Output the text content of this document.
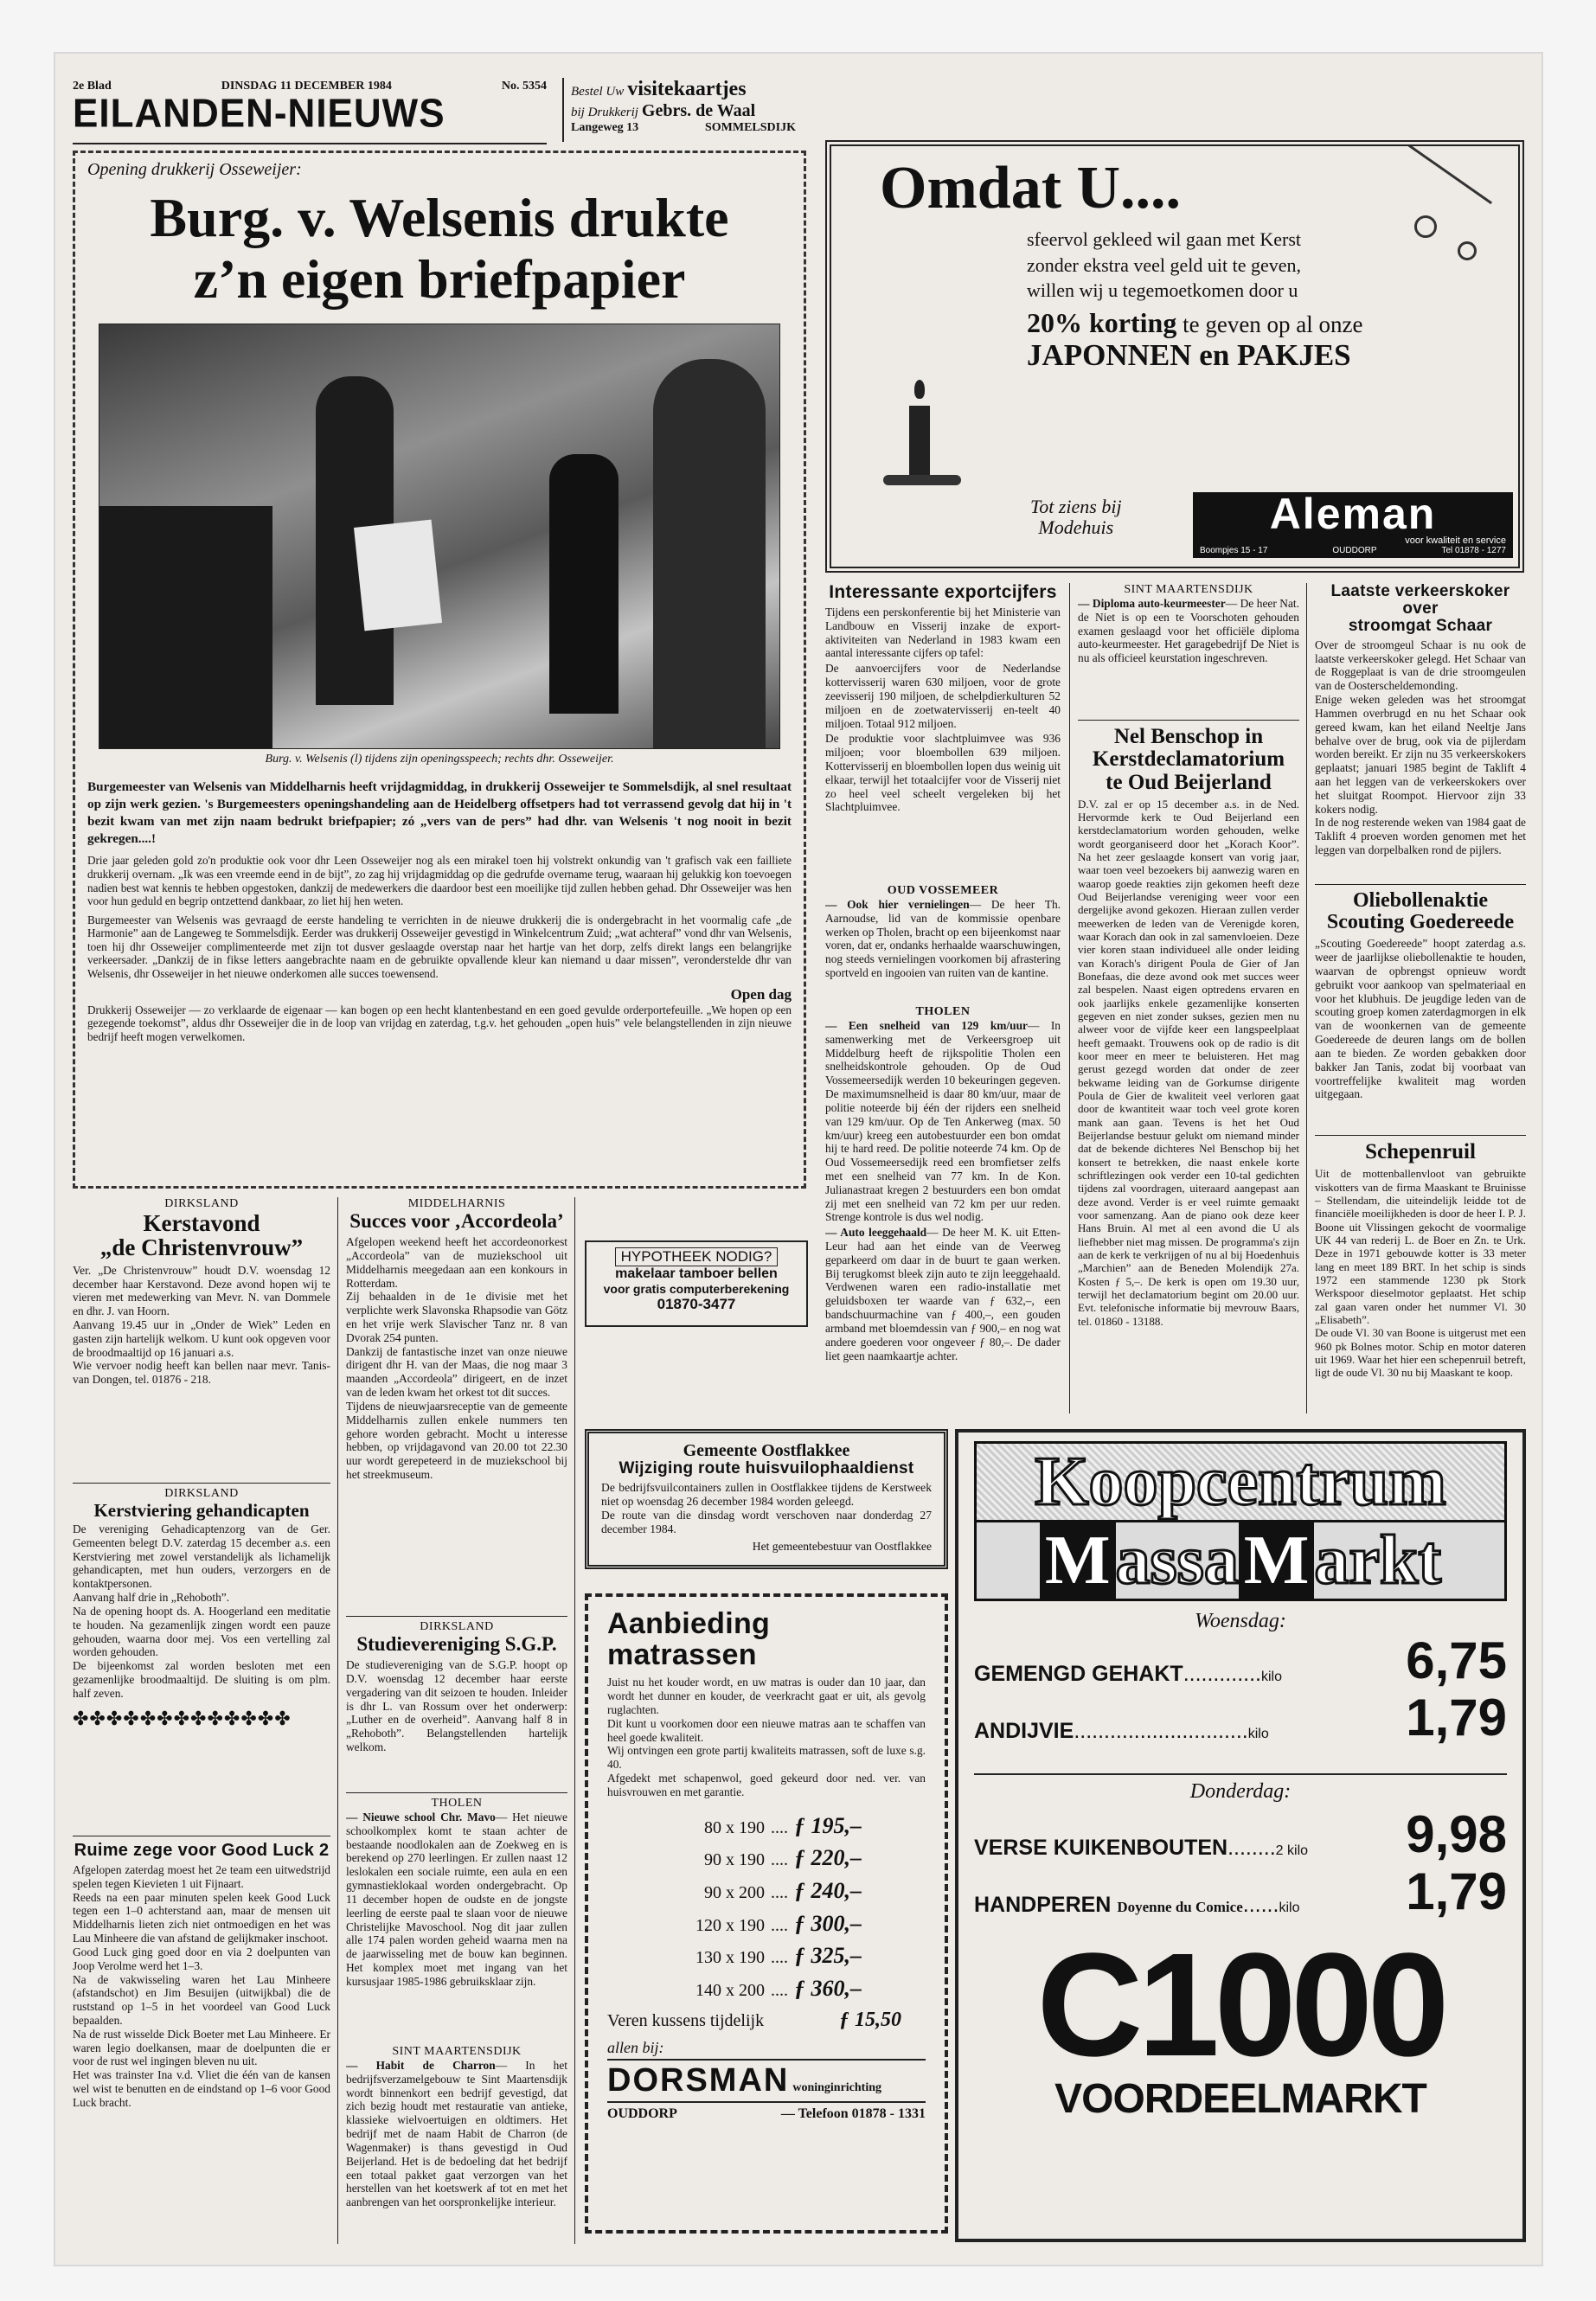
2e Blad	DINSDAG 11 DECEMBER 1984	No. 5354
EILANDEN-NIEUWS	Bestel Uw visitekaartjes
bij Drukkerij Gebrs. de Waal
Langeweg 13	SOMMELSDIJK
Opening drukkerij Osseweijer:
Burg. v. Welsenis drukte
z’n eigen briefpapier
Burg. v. Welsenis (l) tijdens zijn openingsspeech; rechts dhr. Osseweijer.
Burgemeester van Welsenis van Middelharnis heeft vrijdagmiddag, in drukkerij Osseweijer te Sommelsdijk, al snel resultaat op zijn werk gezien. 's Burgemeesters openingshandeling aan de Heidelberg offsetpers had tot verrassend gevolg dat hij in 't bezit kwam van met zijn naam bedrukt briefpapier; zó „vers van de pers” had dhr. van Welsenis 't nog nooit in bezit gekregen....!
Drie jaar geleden gold zo'n produktie ook voor dhr Leen Osseweijer nog als een mirakel toen hij volstrekt onkundig van 't grafisch vak een failliete drukkerij overnam. „Ik was een vreemde eend in de bijt”, zo zag hij vrijdagmiddag op die gedrufde overname terug, waaraan hij gelukkig kon toevoegen nadien best wat kennis te hebben opgestoken, dankzij de medewerkers die daardoor best een moeilijke tijd zullen hebben gehad. Dhr Osseweijer was hen voor hun geduld en begrip ontzettend dankbaar, zo liet hij hen weten.
Burgemeester van Welsenis was gevraagd de eerste handeling te verrichten in de nieuwe drukkerij die is ondergebracht in het voormalig cafe „de Harmonie” aan de Langeweg te Sommelsdijk. Eerder was drukkerij Osseweijer gevestigd in Winkelcentrum Zuid; „wat achteraf” vond dhr van Welsenis, toen hij dhr Osseweijer complimenteerde met zijn tot dusver geslaagde overstap naar het hartje van het dorp, zelfs direkt langs een belangrijke verkeersader. „Dankzij de in fikse letters aangebrachte naam en de gebruikte opvallende kleur kan niemand u daar missen”, veronderstelde dhr van Welsenis, dhr Osseweijer in het nieuwe onderkomen alle succes toewensend.
Open dag
Drukkerij Osseweijer — zo verklaarde de eigenaar — kan bogen op een hecht klantenbestand en een goed gevulde orderportefeuille. „We hopen op een gezegende toekomst”, aldus dhr Osseweijer die in de loop van vrijdag en zaterdag, t.g.v. het gehouden „open huis” vele belangstellenden in zijn nieuwe bedrijf heeft mogen verwelkomen.
Omdat U....
sfeervol gekleed wil gaan met Kerst
zonder ekstra veel geld uit te geven,
willen wij u tegemoetkomen door u
20% korting te geven op al onze
JAPONNEN en PAKJES
Tot ziens bij
Modehuis	Aleman
voor kwaliteit en service
Boompjes 15 - 17	OUDDORP	Tel 01878 - 1277
Interessante exportcijfers
Tijdens een perskonferentie bij het Ministerie van Landbouw en Visserij inzake de export-aktiviteiten van Nederland in 1983 kwam een aantal interessante cijfers op tafel:
De aanvoercijfers voor de Nederlandse kottervisserij waren 630 miljoen, voor de grote zeevisserij 190 miljoen, de schelpdierkulturen 52 miljoen en de zoetwatervisserij en-teelt 40 miljoen. Totaal 912 miljoen.
De produktie voor slachtpluimvee was 936 miljoen; voor bloembollen 639 miljoen. Kottervisserij en bloembollen lopen dus weinig uit elkaar, terwijl het totaalcijfer voor de Visserij niet zo heel veel scheelt vergeleken bij het Slachtpluimvee.
OUD VOSSEMEER
— Ook hier vernielingen— De heer Th. Aarnoudse, lid van de kommissie openbare werken op Tholen, bracht op een bijeenkomst naar voren, dat er, ondanks herhaalde waarschuwingen, nog steeds vernielingen voorkomen bij afrastering sportveld en ingooien van ruiten van de kantine.
THOLEN
— Een snelheid van 129 km/uur— In samenwerking met de Verkeersgroep uit Middelburg heeft de rijkspolitie Tholen een snelheidskontrole gehouden. Op de Oud Vossemeersedijk werden 10 bekeuringen gegeven. De maximumsnelheid is daar 80 km/uur, maar de politie noteerde bij één der rijders een snelheid van 129 km/uur. Op de Ten Ankerweg (max. 50 km/uur) kreeg een autobestuurder een bon omdat hij te hard reed. De politie noteerde 74 km. Op de Oud Vossemeersedijk reed een bromfietser zelfs met een snelheid van 77 km. In de Kon. Julianastraat kregen 2 bestuurders een bon omdat zij met een snelheid van 72 km per uur reden. Strenge kontrole is dus wel nodig.
— Auto leeggehaald— De heer M. K. uit Etten-Leur had aan het einde van de Veerweg geparkeerd om daar in de buurt te gaan werken. Bij terugkomst bleek zijn auto te zijn leeggehaald. Verdwenen waren een radio-installatie met geluidsboxen ter waarde van ƒ 632,–, een bandschuurmachine van ƒ 400,–, een gouden armband met bloemdessin van ƒ 900,– en nog wat andere goederen voor ongeveer ƒ 80,–. De dader liet geen naamkaartje achter.
SINT MAARTENSDIJK
— Diploma auto-keurmeester— De heer Nat. de Niet is op een te Voorschoten gehouden examen geslaagd voor het officiële diploma auto-keurmeester. Het garagebedrijf De Niet is nu als officieel keurstation ingeschreven.
Nel Benschop in
Kerstdeclamatorium
te Oud Beijerland
D.V. zal er op 15 december a.s. in de Ned. Hervormde kerk te Oud Beijerland een kerstdeclamatorium worden gehouden, welke wordt georganiseerd door het „Korach Koor”. Na het zeer geslaagde konsert van vorig jaar, waar toen veel bezoekers bij aanwezig waren en waarop goede reakties zijn gekomen heeft deze Oud Beijerlandse vereniging weer voor een dergelijke avond gekozen. Hieraan zullen verder meewerken de leden van de Verenigde koren, waar Korach dan ook in zal samenvloeien. Deze vier koren staan individueel alle onder leiding van Korach's dirigent Poula de Gier of Jan Bonefaas, die deze avond ook met succes weer zal bespelen. Naast eigen optredens ervaren en ook jaarlijks enkele gezamenlijke konserten gegeven en niet zonder sukses, gezien men nu alweer voor de vijfde keer een langspeelplaat heeft gemaakt. Trouwens ook op de radio is dit koor meer en meer te beluisteren. Het mag gerust gezegd worden dat onder de zeer bekwame leiding van de Gorkumse dirigente Poula de Gier de kwaliteit veel verloren gaat door de kwantiteit waar toch veel grote koren mank aan gaan. Tevens is het het Oud Beijerlandse bestuur gelukt om niemand minder dat de bekende dichteres Nel Benschop bij het konsert te betrekken, die naast enkele korte schriftlezingen ook verder een 10-tal gedichten tijdens zal voordragen, uiteraard aangepast aan deze avond. Verder is er veel ruimte gemaakt voor samenzang. Aan de piano ook deze keer Hans Bruin. Al met al een avond die U als liefhebber niet mag missen. De programma's zijn aan de kerk te verkrijgen of nu al bij Hoedenhuis „Marchien” aan de Beneden Molendijk 27a. Kosten ƒ 5,–. De kerk is open om 19.30 uur, terwijl het declamatorium begint om 20.00 uur. Evt. telefonische informatie bij mevrouw Baars, tel. 01860 - 13188.
Laatste verkeerskoker over
stroomgat Schaar
Over de stroomgeul Schaar is nu ook de laatste verkeerskoker gelegd. Het Schaar van de Roggeplaat is van de drie stroomgeulen van de Oosterscheldemonding.
Enige weken geleden was het stroomgat Hammen overbrugd en nu het Schaar ook gereed kwam, kan het eiland Neeltje Jans behalve over de brug, ook via de pijlerdam worden bereikt. Er zijn nu 35 verkeerskokers geplaatst; januari 1985 begint de Taklift 4 aan het leggen van de verkeerskokers over het sluitgat Roompot. Hiervoor zijn 33 kokers nodig.
In de nog resterende weken van 1984 gaat de Taklift 4 proeven worden genomen met het leggen van dorpelbalken rond de pijlers.
Oliebollenaktie
Scouting Goedereede
„Scouting Goedereede” hoopt zaterdag a.s. weer de jaarlijkse oliebollenaktie te houden, waarvan de opbrengst opnieuw wordt gebruikt voor aankoop van spelmateriaal en voor het klubhuis. De jeugdige leden van de scouting groep komen zaterdagmorgen in elk van de woonkernen van de gemeente Goedereede de deuren langs om de bollen aan te bieden. Ze worden gebakken door bakker Jan Tanis, zodat bij voorbaat van voortreffelijke kwaliteit mag worden uitgegaan.
Schepenruil
Uit de mottenballenvloot van gebruikte viskotters van de firma Maaskant te Bruinisse – Stellendam, die uiteindelijk leidde tot de financiële moeilijkheden is door de heer I. P. J. Boone uit Vlissingen gekocht de voormalige UK 44 van rederij L. de Boer en Zn. te Urk. Deze in 1971 gebouwde kotter is 33 meter lang en meet 189 BRT. In het schip is sinds 1972 een stammende 1230 pk Stork Werkspoor dieselmotor geplaatst. Het schip zal gaan varen onder het nummer Vl. 30 „Elisabeth”.
De oude Vl. 30 van Boone is uitgerust met een 960 pk Bolnes motor. Schip en motor dateren uit 1969. Waar het hier een schepenruil betreft, ligt de oude Vl. 30 nu bij Maaskant te koop.
DIRKSLAND
Kerstavond
„de Christenvrouw”
Ver. „De Christenvrouw” houdt D.V. woensdag 12 december haar Kerstavond. Deze avond hopen wij te vieren met medewerking van Mevr. N. van Dommele en dhr. J. van Hoorn.
Aanvang 19.45 uur in „Onder de Wiek” Leden en gasten zijn hartelijk welkom. U kunt ook opgeven voor de broodmaaltijd op 16 januari a.s.
Wie vervoer nodig heeft kan bellen naar mevr. Tanis-van Dongen, tel. 01876 - 218.
DIRKSLAND
Kerstviering gehandicapten
De vereniging Gehadicaptenzorg van de Ger. Gemeenten belegt D.V. zaterdag 15 december a.s. een Kerstviering met zowel verstandelijk als lichamelijk gehandicapten, met hun ouders, verzorgers en de kontaktpersonen.
Aanvang half drie in „Rehoboth”.
Na de opening hoopt ds. A. Hoogerland een meditatie te houden. Na gezamenlijk zingen wordt een pauze gehouden, waarna door mej. Vos een vertelling zal worden gehouden.
De bijeenkomst zal worden besloten met een gezamenlijke broodmaaltijd. De sluiting is om plm. half zeven.
✤✤✤✤✤✤✤✤✤✤✤✤✤
Ruime zege voor Good Luck 2
Afgelopen zaterdag moest het 2e team een uitwedstrijd spelen tegen Kievieten 1 uit Fijnaart.
Reeds na een paar minuten spelen keek Good Luck tegen een 1–0 achterstand aan, maar de mensen uit Middelharnis lieten zich niet ontmoedigen en het was Lau Minheere die van afstand de gelijkmaker inschoot.
Good Luck ging goed door en via 2 doelpunten van Joop Verolme werd het 1–3.
Na de vakwisseling waren het Lau Minheere (afstandschot) en Jim Besuijen (uitwijkbal) die de ruststand op 1–5 in het voordeel van Good Luck bepaalden.
Na de rust wisselde Dick Boeter met Lau Minheere. Er waren legio doelkansen, maar de doelpunten die er voor de rust wel ingingen bleven nu uit.
Het was trainster Ina v.d. Vliet die één van de kansen wel wist te benutten en de eindstand op 1–6 voor Good Luck bracht.
MIDDELHARNIS
Succes voor ‚Accordeola’
Afgelopen weekend heeft het accordeonorkest „Accordeola” van de muziekschool uit Middelharnis meegedaan aan een konkours in Rotterdam.
Zij behaalden in de 1e divisie met het verplichte werk Slavonska Rhapsodie van Götz en het vrije werk Slavischer Tanz nr. 8 van Dvorak 254 punten.
Dankzij de fantastische inzet van onze nieuwe dirigent dhr H. van der Maas, die nog maar 3 maanden „Accordeola” dirigeert, en de inzet van de leden kwam het orkest tot dit succes.
Tijdens de nieuwjaarsreceptie van de gemeente Middelharnis zullen enkele nummers ten gehore worden gebracht. Mocht u interesse hebben, op vrijdagavond van 20.00 tot 22.30 uur wordt gerepeteerd in de muziekschool bij het streekmuseum.
DIRKSLAND
Studievereniging S.G.P.
De studievereniging van de S.G.P. hoopt op D.V. woensdag 12 december haar eerste vergadering van dit seizoen te houden. Inleider is dhr L. van Rossum over het onderwerp: „Luther en de overheid”. Aanvang half 8 in „Rehoboth”. Belangstellenden hartelijk welkom.
THOLEN
— Nieuwe school Chr. Mavo— Het nieuwe schoolkomplex komt te staan achter de bestaande noodlokalen aan de Zoekweg en is berekend op 270 leerlingen. Er zullen naast 12 leslokalen een sociale ruimte, een aula en een gymnastieklokaal worden ondergebracht. Op 11 december hopen de oudste en de jongste leerling de eerste paal te slaan voor de nieuwe Christelijke Mavoschool. Nog dit jaar zullen alle 174 palen worden geheid waarna men na de jaarwisseling met de bouw kan beginnen. Het komplex moet met ingang van het kursusjaar 1985-1986 gebruiksklaar zijn.
SINT MAARTENSDIJK
— Habit de Charron— In het bedrijfsverzamelgebouw te Sint Maartensdijk wordt binnenkort een bedrijf gevestigd, dat zich bezig houdt met restauratie van antieke, klassieke wielvoertuigen en oldtimers. Het bedrijf met de naam Habit de Charron (de Wagenmaker) is thans gevestigd in Oud Beijerland. Het is de bedoeling dat het bedrijf een totaal pakket gaat verzorgen van het herstellen van het koetswerk af tot en met het aanbrengen van het oorspronkelijke interieur.
HYPOTHEEK NODIG?
makelaar tamboer bellen
voor gratis computerberekening
01870-3477
Gemeente Oostflakkee
Wijziging route huisvuilophaaldienst
De bedrijfsvuilcontainers zullen in Oostflakkee tijdens de Kerstweek niet op woensdag 26 december 1984 worden geleegd.
De route van die dinsdag wordt verschoven naar donderdag 27 december 1984.
Het gemeentebestuur van Oostflakkee
Aanbieding matrassen
Juist nu het kouder wordt, en uw matras is ouder dan 10 jaar, dan wordt het dunner en kouder, de veerkracht gaat er uit, als gevolg ruglachten.
Dit kunt u voorkomen door een nieuwe matras aan te schaffen van heel goede kwaliteit.
Wij ontvingen een grote partij kwaliteits matrassen, soft de luxe s.g. 40.
Afgedekt met schapenwol, goed gekeurd door ned. ver. van huisvrouwen en met garantie.
80 x 190 .... ƒ 195,–
90 x 190 .... ƒ 220,–
90 x 200 .... ƒ 240,–
120 x 190 .... ƒ 300,–
130 x 190 .... ƒ 325,–
140 x 200 .... ƒ 360,–
Veren kussens tijdelijk	ƒ 15,50
allen bij:
DORSMAN woninginrichting
OUDDORP	— Telefoon 01878 - 1331
Koopcentrum
MassaMarkt
Woensdag:
GEMENGD GEHAKT.............kilo 6,75
ANDIJVIE.............................kilo	1,79
Donderdag:
VERSE KUIKENBOUTEN........2 kilo 9,98
HANDPEREN Doyenne du Comice......kilo 1,79
C1000
VOORDEELMARKT
